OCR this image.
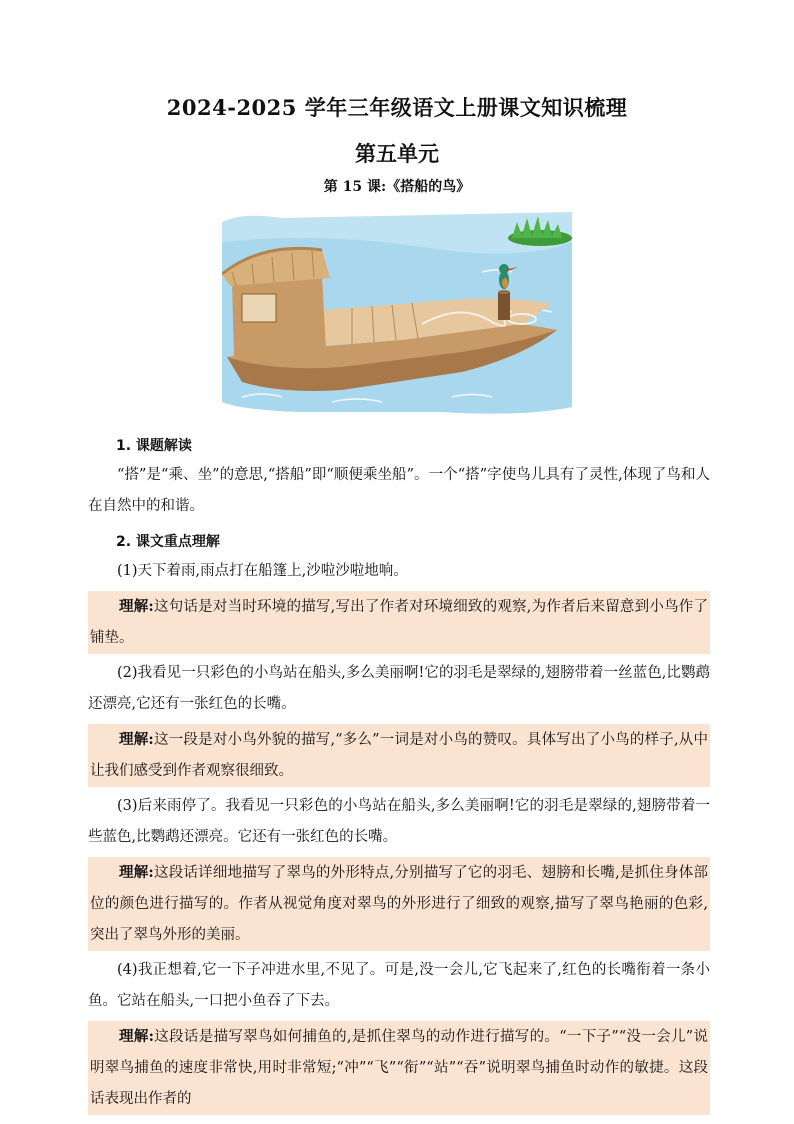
2024-2025 学年三年级语文上册课文知识梳理
第五单元
第 15 课:《搭船的鸟》
1. 课题解读

“搭”是“乘、坐”的意思,“搭船”即“顺便乘坐船”。一个“搭”字使鸟儿具有了灵性,体现了鸟和人在自然中的和谐。

2. 课文重点理解

(1)天下着雨,雨点打在船篷上,沙啦沙啦地响。

理解:这句话是对当时环境的描写,写出了作者对环境细致的观察,为作者后来留意到小鸟作了铺垫。

(2)我看见一只彩色的小鸟站在船头,多么美丽啊!它的羽毛是翠绿的,翅膀带着一丝蓝色,比鹦鹉还漂亮,它还有一张红色的长嘴。

理解:这一段是对小鸟外貌的描写,“多么”一词是对小鸟的赞叹。具体写出了小鸟的样子,从中让我们感受到作者观察很细致。

(3)后来雨停了。我看见一只彩色的小鸟站在船头,多么美丽啊!它的羽毛是翠绿的,翅膀带着一些蓝色,比鹦鹉还漂亮。它还有一张红色的长嘴。

理解:这段话详细地描写了翠鸟的外形特点,分别描写了它的羽毛、翅膀和长嘴,是抓住身体部位的颜色进行描写的。作者从视觉角度对翠鸟的外形进行了细致的观察,描写了翠鸟艳丽的色彩,突出了翠鸟外形的美丽。

(4)我正想着,它一下子冲进水里,不见了。可是,没一会儿,它飞起来了,红色的长嘴衔着一条小鱼。它站在船头,一口把小鱼吞了下去。

理解:这段话是描写翠鸟如何捕鱼的,是抓住翠鸟的动作进行描写的。“一下子”“没一会儿”说明翠鸟捕鱼的速度非常快,用时非常短;“冲”“飞”“衔”“站”“吞”说明翠鸟捕鱼时动作的敏捷。这段话表现出作者的
